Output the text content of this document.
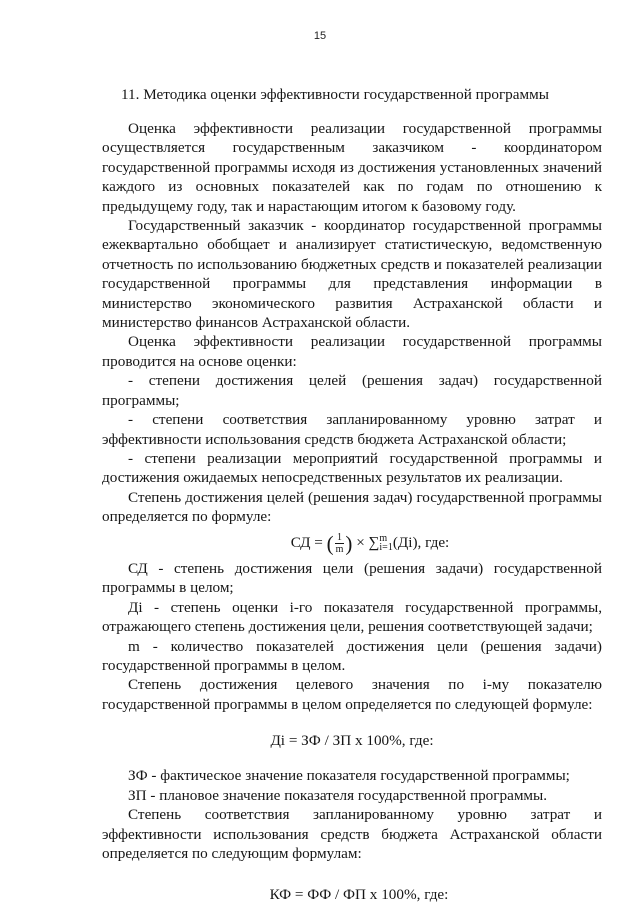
15
11. Методика оценки эффективности государственной программы

Оценка эффективности реализации государственной программы осуществляется государственным заказчиком - координатором государственной программы исходя из достижения установленных значений каждого из основных показателей как по годам по отношению к предыдущему году, так и нарастающим итогом к базовому году.

Государственный заказчик - координатор государственной программы ежеквартально обобщает и анализирует статистическую, ведомственную отчетность по использованию бюджетных средств и показателей реализации государственной программы для представления информации в министерство экономического развития Астраханской области и министерство финансов Астраханской области.

Оценка эффективности реализации государственной программы проводится на основе оценки:

- степени достижения целей (решения задач) государственной программы;

- степени соответствия запланированному уровню затрат и эффективности использования средств бюджета Астраханской области;

- степени реализации мероприятий государственной программы и достижения ожидаемых непосредственных результатов их реализации.

Степень достижения целей (решения задач) государственной программы определяется по формуле:

СД = ( $\frac{1}{m}$ ) × ∑ m
i=1 (Дi), где:

СД - степень достижения цели (решения задачи) государственной программы в целом;

Дi - степень оценки i-го показателя государственной программы, отражающего степень достижения цели, решения соответствующей задачи;

m - количество показателей достижения цели (решения задачи) государственной программы в целом.

Степень достижения целевого значения по i-му показателю государственной программы в целом определяется по следующей формуле:

Дi = ЗФ / ЗП х 100%, где:

ЗФ - фактическое значение показателя государственной программы;

ЗП - плановое значение показателя государственной программы.

Степень соответствия запланированному уровню затрат и эффективности использования средств бюджета Астраханской области определяется по следующим формулам:

КФ = ФФ / ФП х 100%, где:
